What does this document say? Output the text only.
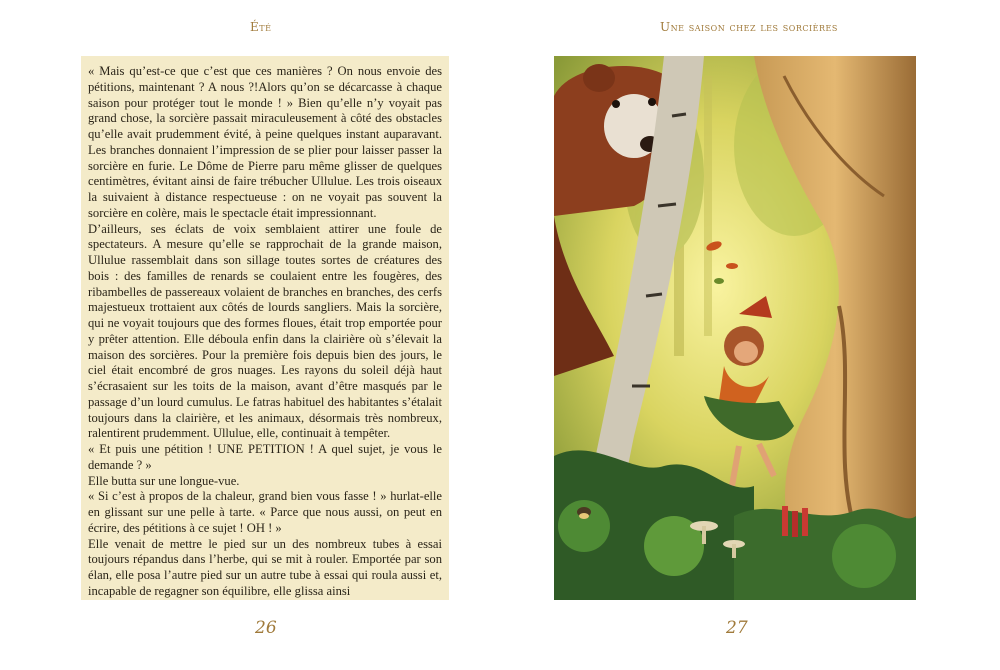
Été	Une saison chez les sorcières

« Mais qu’est-ce que c’est que ces manières ? On nous envoie des pétitions, maintenant ? A nous ?!Alors qu’on se décarcasse à chaque saison pour protéger tout le monde ! » Bien qu’elle n’y voyait pas grand chose, la sorcière passait miraculeusement à côté des obstacles qu’elle avait prudemment évité, à peine quelques instant auparavant. Les branches donnaient l’impression de se plier pour laisser passer la sorcière en furie. Le Dôme de Pierre paru même glisser de quelques centimètres, évitant ainsi de faire trébucher Ullulue. Les trois oiseaux la suivaient à distance respectueuse : on ne voyait pas souvent la sorcière en colère, mais le spectacle était impressionnant.

D’ailleurs, ses éclats de voix semblaient attirer une foule de spectateurs. A mesure qu’elle se rapprochait de la grande maison, Ullulue rassemblait dans son sillage toutes sortes de créatures des bois : des familles de renards se coulaient entre les fougères, des ribambelles de passereaux volaient de branches en branches, des cerfs majestueux trottaient aux côtés de lourds sangliers. Mais la sorcière, qui ne voyait toujours que des formes floues, était trop emportée pour y prêter attention. Elle déboula enfin dans la clairière où s’élevait la maison des sorcières. Pour la première fois depuis bien des jours, le ciel était encombré de gros nuages. Les rayons du soleil déjà haut s’écrasaient sur les toits de la maison, avant d’être masqués par le passage d’un lourd cumulus. Le fatras habituel des habitantes s’étalait toujours dans la clairière, et les animaux, désormais très nombreux, ralentirent prudemment. Ullulue, elle, continuait à tempêter.

« Et puis une pétition ! UNE PETITION ! A quel sujet, je vous le demande ? »

Elle butta sur une longue-vue.

« Si c’est à propos de la chaleur, grand bien vous fasse ! » hurlat-elle en glissant sur une pelle à tarte. « Parce que nous aussi, on peut en écrire, des pétitions à ce sujet ! OH ! »

Elle venait de mettre le pied sur un des nombreux tubes à essai toujours répandus dans l’herbe, qui se mit à rouler. Emportée par son élan, elle posa l’autre pied sur un autre tube à essai qui roula aussi et, incapable de regagner son équilibre, elle glissa ainsi

26	27
